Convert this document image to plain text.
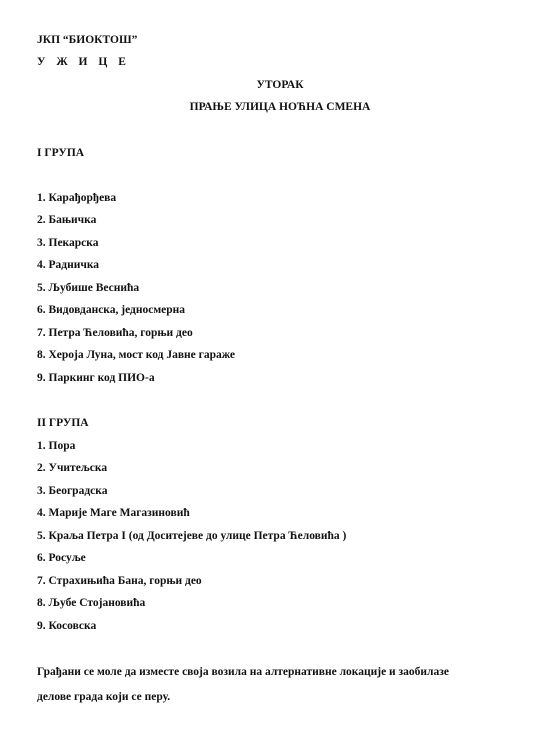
ЈКП “БИОКТОШ”
У Ж И Ц Е
УТОРАК
ПРАЊЕ УЛИЦА НОЋНА СМЕНА
I ГРУПА
1. Карађорђева
2. Бањичка
3. Пекарска
4. Радничка
5. Љубише Веснића
6. Видовданска, једносмерна
7. Петра Ћеловића, горњи део
8. Хероја Луна, мост код Јавне гараже
9. Паркинг код ПИО-а
II ГРУПА
1. Пора
2. Учитељска
3. Београдска
4. Марије Маге Магазиновић
5. Краља Петра I (од Доситејеве до улице Петра Ћеловића )
6. Росуље
7. Страхињића Бана, горњи део
8. Љубе Стојановића
9. Косовска
Грађани се моле да изместе своја возила на алтернативне локације и заобилазе
делове града који се перу.
